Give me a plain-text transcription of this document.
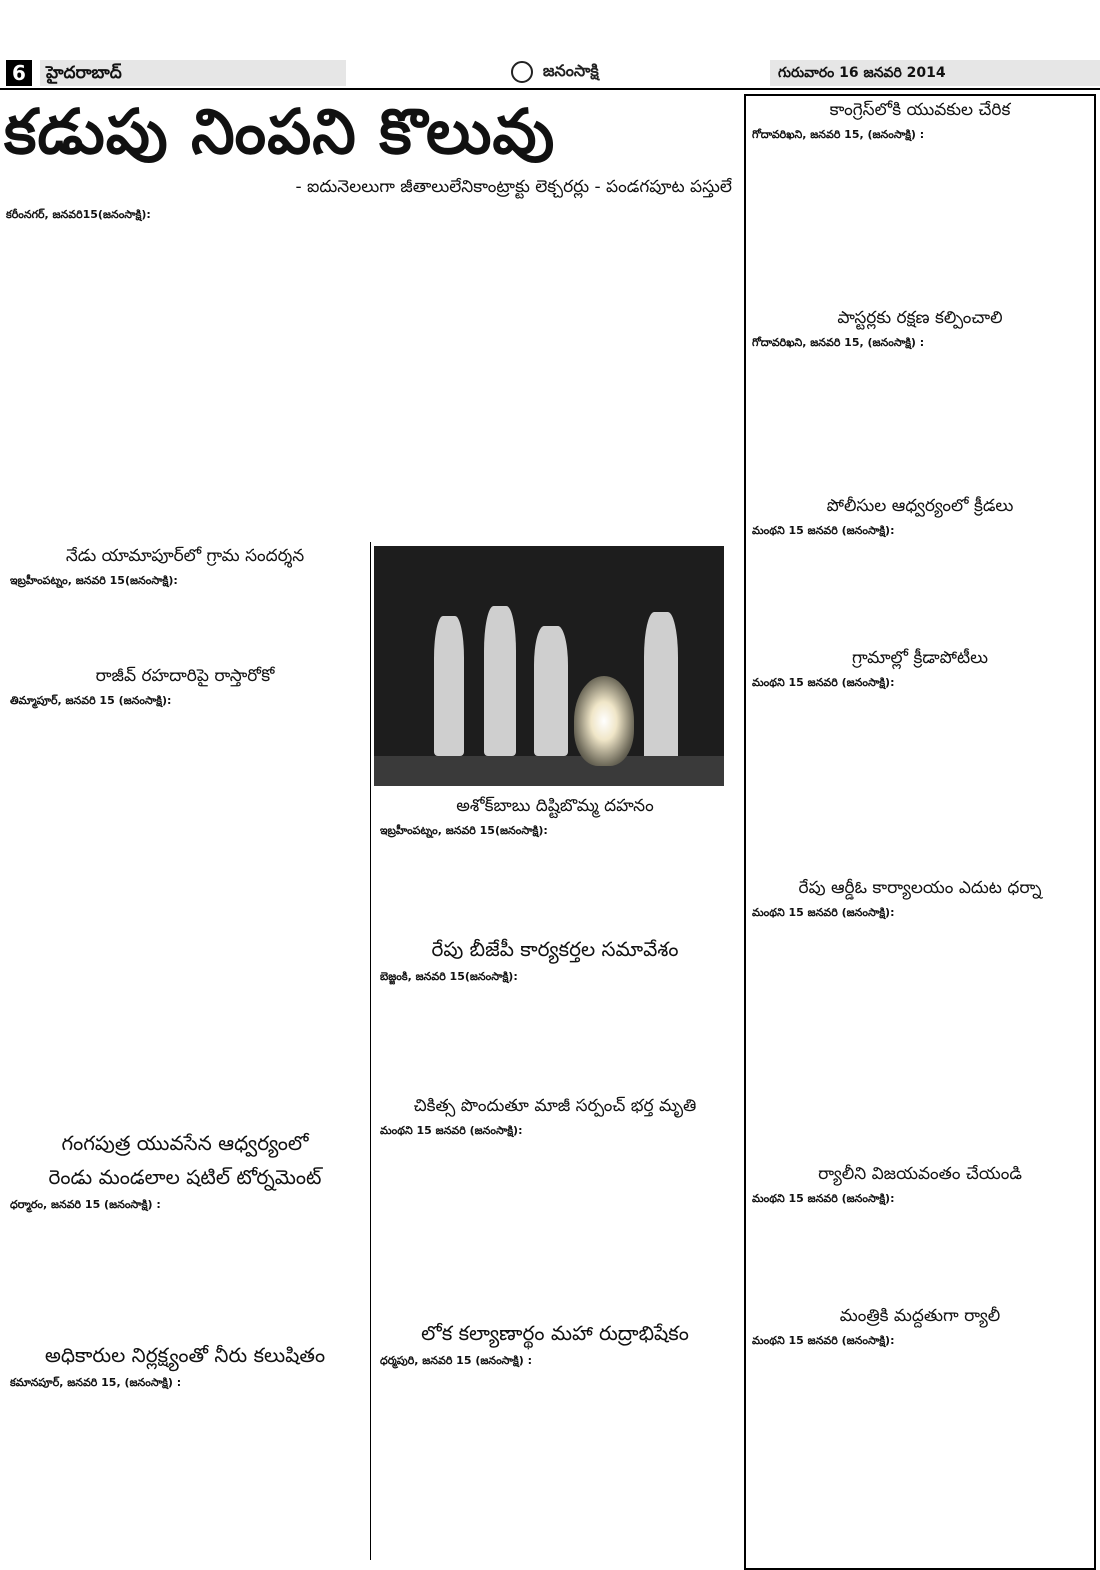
6	హైదరాబాద్	జనంసాక్షి	గురువారం 16 జనవరి 2014
కడుపు నింపని కొలువు
- ఐదునెలలుగా జీతాలులేనికాంట్రాక్టు లెక్చరర్లు - పండగపూట పస్తులే
కరీంనగర్, జనవరి15(జనంసాక్షి):
కాంగ్రెస్‌లోకి యువకుల చేరిక

గోదావరిఖని, జనవరి 15, (జనంసాక్షి) :

పాస్టర్లకు రక్షణ కల్పించాలి

గోదావరిఖని, జనవరి 15, (జనంసాక్షి) :

పోలీసుల ఆధ్వర్యంలో క్రీడలు

మంథని 15 జనవరి (జనంసాక్షి):

గ్రామాల్లో క్రీడాపోటీలు

మంథని 15 జనవరి (జనంసాక్షి):

రేపు ఆర్డీఓ కార్యాలయం ఎదుట ధర్నా

మంథని 15 జనవరి (జనంసాక్షి):

ర్యాలీని విజయవంతం చేయండి

మంథని 15 జనవరి (జనంసాక్షి):

మంత్రికి మద్దతుగా ర్యాలీ

మంథని 15 జనవరి (జనంసాక్షి):

నేడు యామాపూర్‌లో గ్రామ సందర్శన

ఇబ్రహీంపట్నం, జనవరి 15(జనంసాక్షి):

రాజీవ్ రహదారిపై రాస్తారోకో

తిమ్మాపూర్, జనవరి 15 (జనంసాక్షి):

గంగపుత్ర యువసేన ఆధ్వర్యంలో
రెండు మండలాల షటిల్ టోర్నమెంట్

ధర్మారం, జనవరి 15 (జనంసాక్షి) :

అధికారుల నిర్లక్ష్యంతో నీరు కలుషితం

కమానపూర్, జనవరి 15, (జనంసాక్షి) :

అశోక్‌బాబు దిష్టిబొమ్మ దహనం

ఇబ్రహీంపట్నం, జనవరి 15(జనంసాక్షి):

రేపు బీజేపీ కార్యకర్తల సమావేశం

బెజ్జంకి, జనవరి 15(జనంసాక్షి):

చికిత్స పొందుతూ మాజీ సర్పంచ్ భర్త మృతి

మంథని 15 జనవరి (జనంసాక్షి):

లోక కల్యాణార్థం మహా రుద్రాభిషేకం

ధర్మపురి, జనవరి 15 (జనంసాక్షి) :
